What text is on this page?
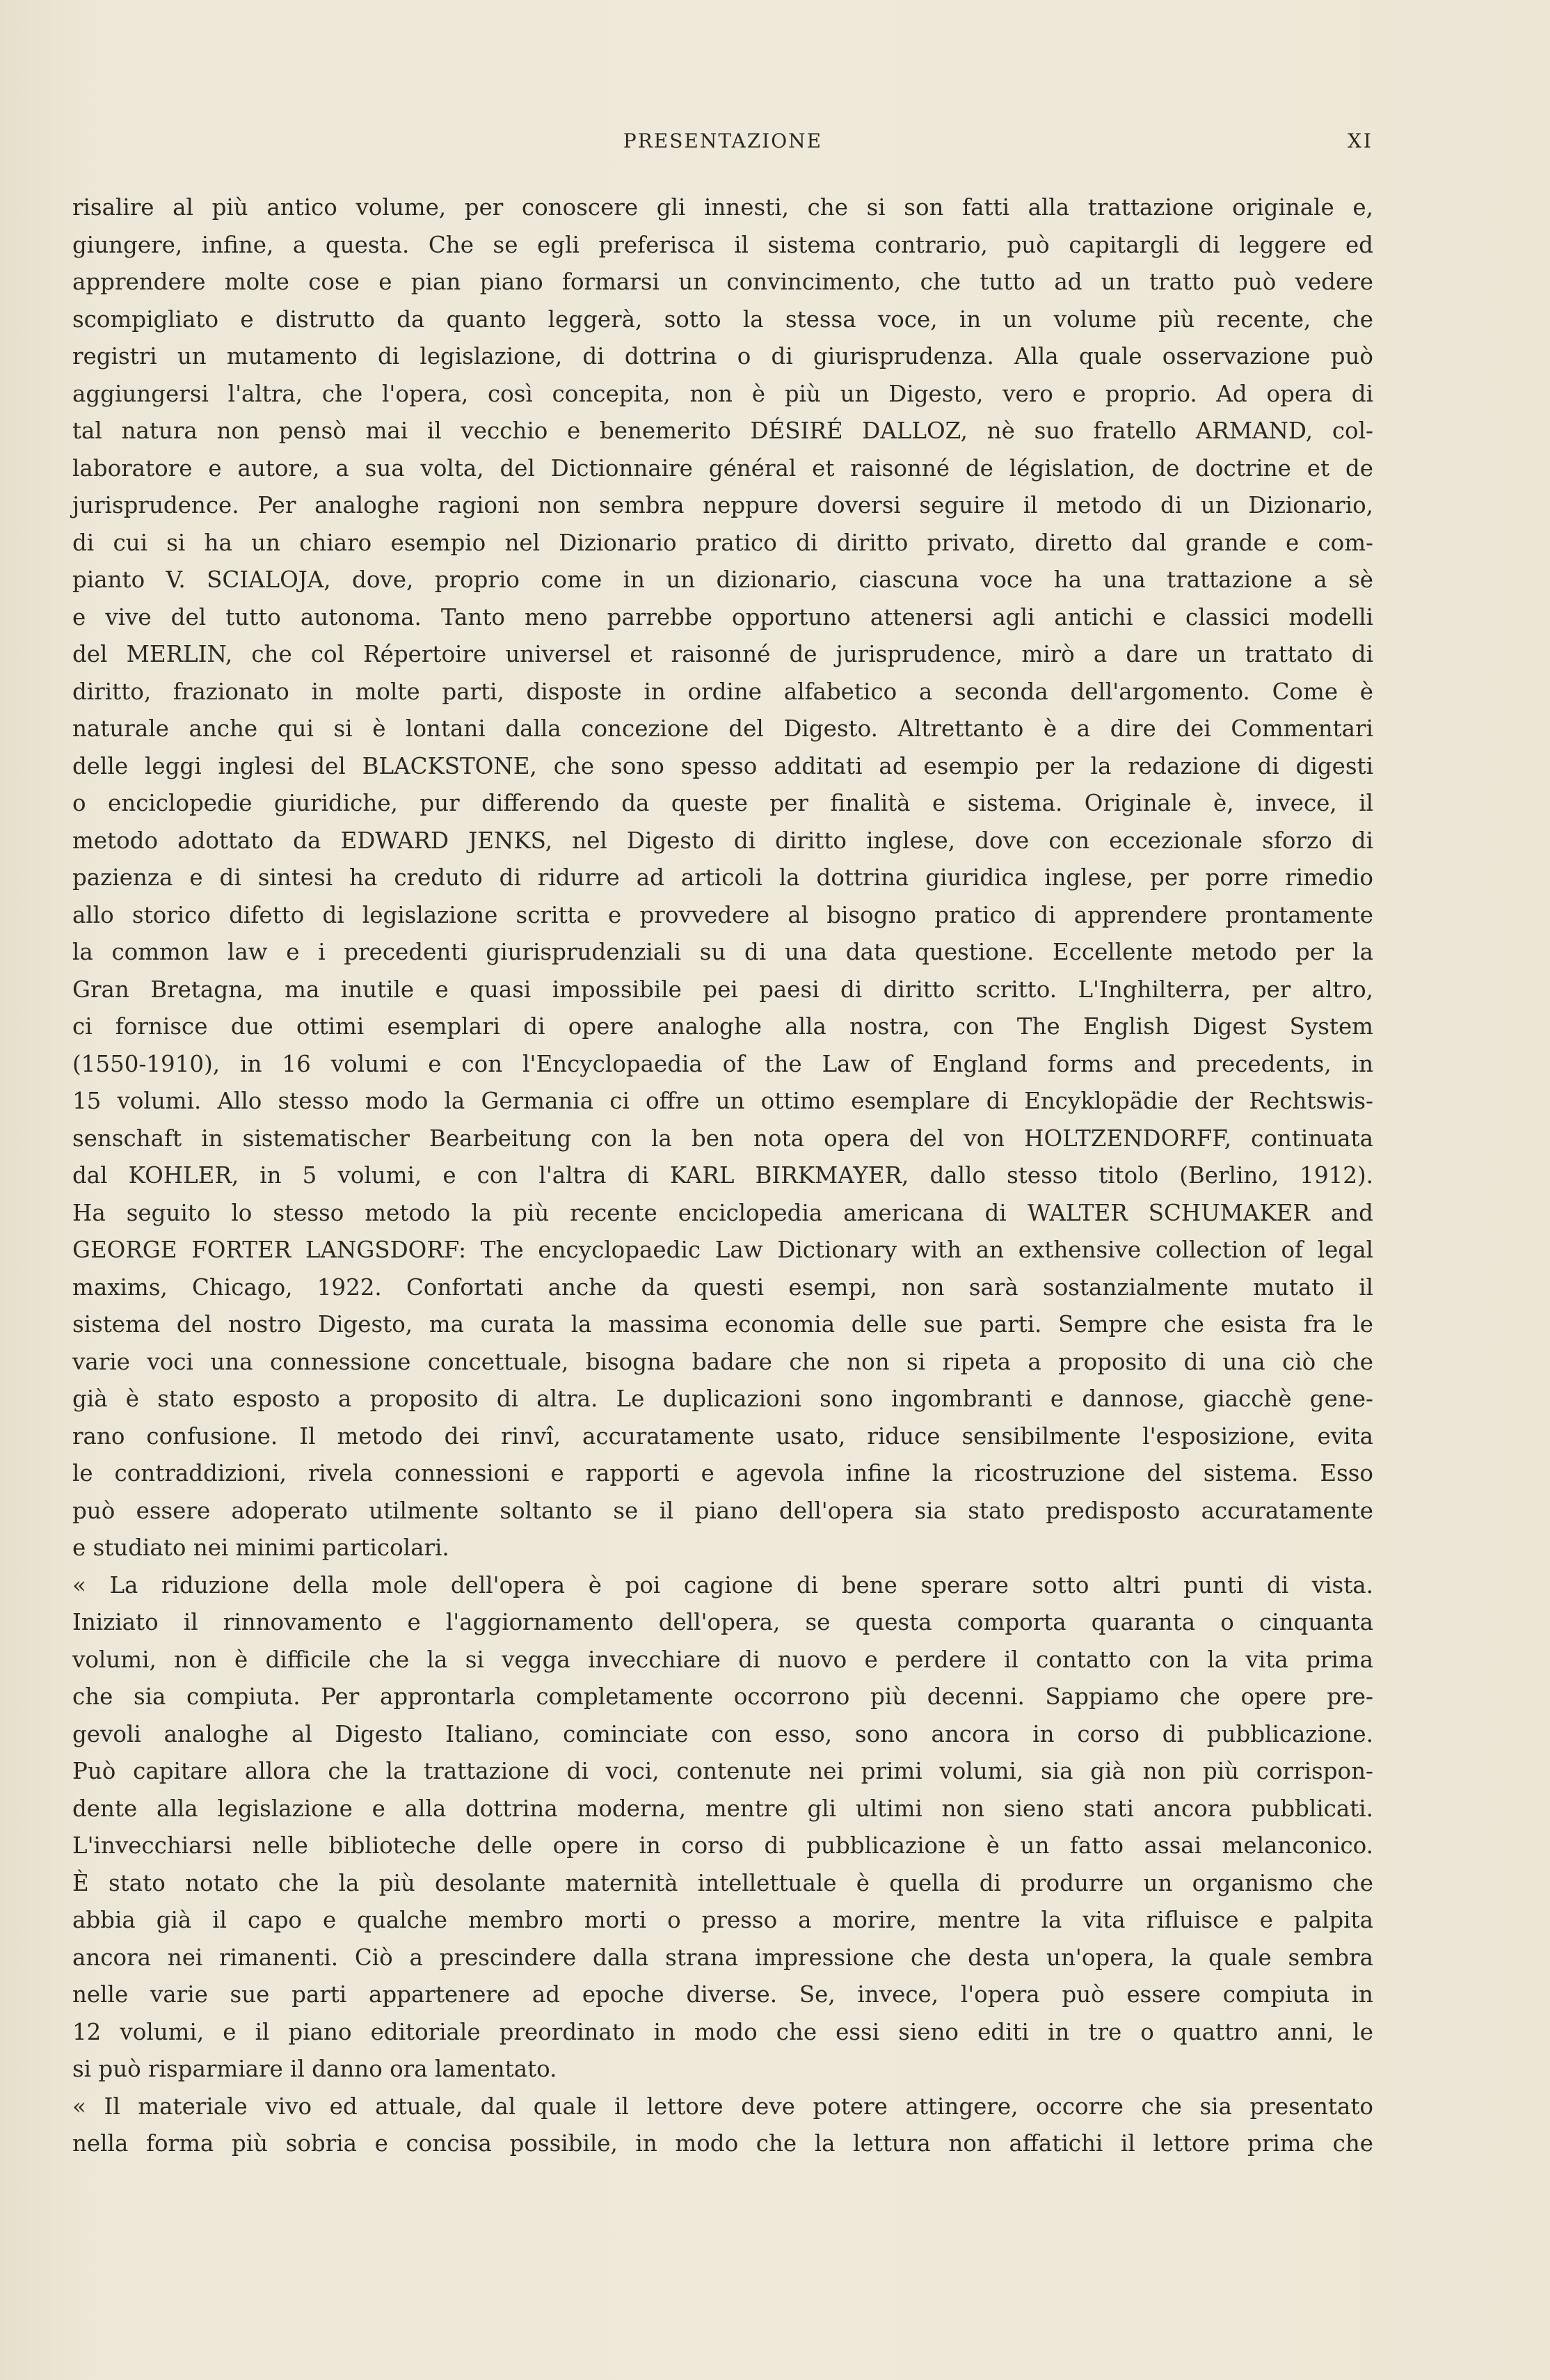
PRESENTAZIONE	XI
risalire al più antico volume, per conoscere gli innesti, che si son fatti alla trattazione originale e,
giungere, infine, a questa. Che se egli preferisca il sistema contrario, può capitargli di leggere ed
apprendere molte cose e pian piano formarsi un convincimento, che tutto ad un tratto può vedere
scompigliato e distrutto da quanto leggerà, sotto la stessa voce, in un volume più recente, che
registri un mutamento di legislazione, di dottrina o di giurisprudenza. Alla quale osservazione può
aggiungersi l'altra, che l'opera, così concepita, non è più un Digesto, vero e proprio. Ad opera di
tal natura non pensò mai il vecchio e benemerito DÉSIRÉ DALLOZ, nè suo fratello ARMAND, col-
laboratore e autore, a sua volta, del Dictionnaire général et raisonné de législation, de doctrine et de
jurisprudence. Per analoghe ragioni non sembra neppure doversi seguire il metodo di un Dizionario,
di cui si ha un chiaro esempio nel Dizionario pratico di diritto privato, diretto dal grande e com-
pianto V. SCIALOJA, dove, proprio come in un dizionario, ciascuna voce ha una trattazione a sè
e vive del tutto autonoma. Tanto meno parrebbe opportuno attenersi agli antichi e classici modelli
del MERLIN, che col Répertoire universel et raisonné de jurisprudence, mirò a dare un trattato di
diritto, frazionato in molte parti, disposte in ordine alfabetico a seconda dell'argomento. Come è
naturale anche qui si è lontani dalla concezione del Digesto. Altrettanto è a dire dei Commentari
delle leggi inglesi del BLACKSTONE, che sono spesso additati ad esempio per la redazione di digesti
o enciclopedie giuridiche, pur differendo da queste per finalità e sistema. Originale è, invece, il
metodo adottato da EDWARD JENKS, nel Digesto di diritto inglese, dove con eccezionale sforzo di
pazienza e di sintesi ha creduto di ridurre ad articoli la dottrina giuridica inglese, per porre rimedio
allo storico difetto di legislazione scritta e provvedere al bisogno pratico di apprendere prontamente
la common law e i precedenti giurisprudenziali su di una data questione. Eccellente metodo per la
Gran Bretagna, ma inutile e quasi impossibile pei paesi di diritto scritto. L'Inghilterra, per altro,
ci fornisce due ottimi esemplari di opere analoghe alla nostra, con The English Digest System
(1550-1910), in 16 volumi e con l'Encyclopaedia of the Law of England forms and precedents, in
15 volumi. Allo stesso modo la Germania ci offre un ottimo esemplare di Encyklopädie der Rechtswis-
senschaft in sistematischer Bearbeitung con la ben nota opera del von HOLTZENDORFF, continuata
dal KOHLER, in 5 volumi, e con l'altra di KARL BIRKMAYER, dallo stesso titolo (Berlino, 1912).
Ha seguito lo stesso metodo la più recente enciclopedia americana di WALTER SCHUMAKER and
GEORGE FORTER LANGSDORF: The encyclopaedic Law Dictionary with an exthensive collection of legal
maxims, Chicago, 1922. Confortati anche da questi esempi, non sarà sostanzialmente mutato il
sistema del nostro Digesto, ma curata la massima economia delle sue parti. Sempre che esista fra le
varie voci una connessione concettuale, bisogna badare che non si ripeta a proposito di una ciò che
già è stato esposto a proposito di altra. Le duplicazioni sono ingombranti e dannose, giacchè gene-
rano confusione. Il metodo dei rinvî, accuratamente usato, riduce sensibilmente l'esposizione, evita
le contraddizioni, rivela connessioni e rapporti e agevola infine la ricostruzione del sistema. Esso
può essere adoperato utilmente soltanto se il piano dell'opera sia stato predisposto accuratamente
e studiato nei minimi particolari.
« La riduzione della mole dell'opera è poi cagione di bene sperare sotto altri punti di vista.
Iniziato il rinnovamento e l'aggiornamento dell'opera, se questa comporta quaranta o cinquanta
volumi, non è difficile che la si vegga invecchiare di nuovo e perdere il contatto con la vita prima
che sia compiuta. Per approntarla completamente occorrono più decenni. Sappiamo che opere pre-
gevoli analoghe al Digesto Italiano, cominciate con esso, sono ancora in corso di pubblicazione.
Può capitare allora che la trattazione di voci, contenute nei primi volumi, sia già non più corrispon-
dente alla legislazione e alla dottrina moderna, mentre gli ultimi non sieno stati ancora pubblicati.
L'invecchiarsi nelle biblioteche delle opere in corso di pubblicazione è un fatto assai melanconico.
È stato notato che la più desolante maternità intellettuale è quella di produrre un organismo che
abbia già il capo e qualche membro morti o presso a morire, mentre la vita rifluisce e palpita
ancora nei rimanenti. Ciò a prescindere dalla strana impressione che desta un'opera, la quale sembra
nelle varie sue parti appartenere ad epoche diverse. Se, invece, l'opera può essere compiuta in
12 volumi, e il piano editoriale preordinato in modo che essi sieno editi in tre o quattro anni, le
si può risparmiare il danno ora lamentato.
« Il materiale vivo ed attuale, dal quale il lettore deve potere attingere, occorre che sia presentato
nella forma più sobria e concisa possibile, in modo che la lettura non affatichi il lettore prima che
